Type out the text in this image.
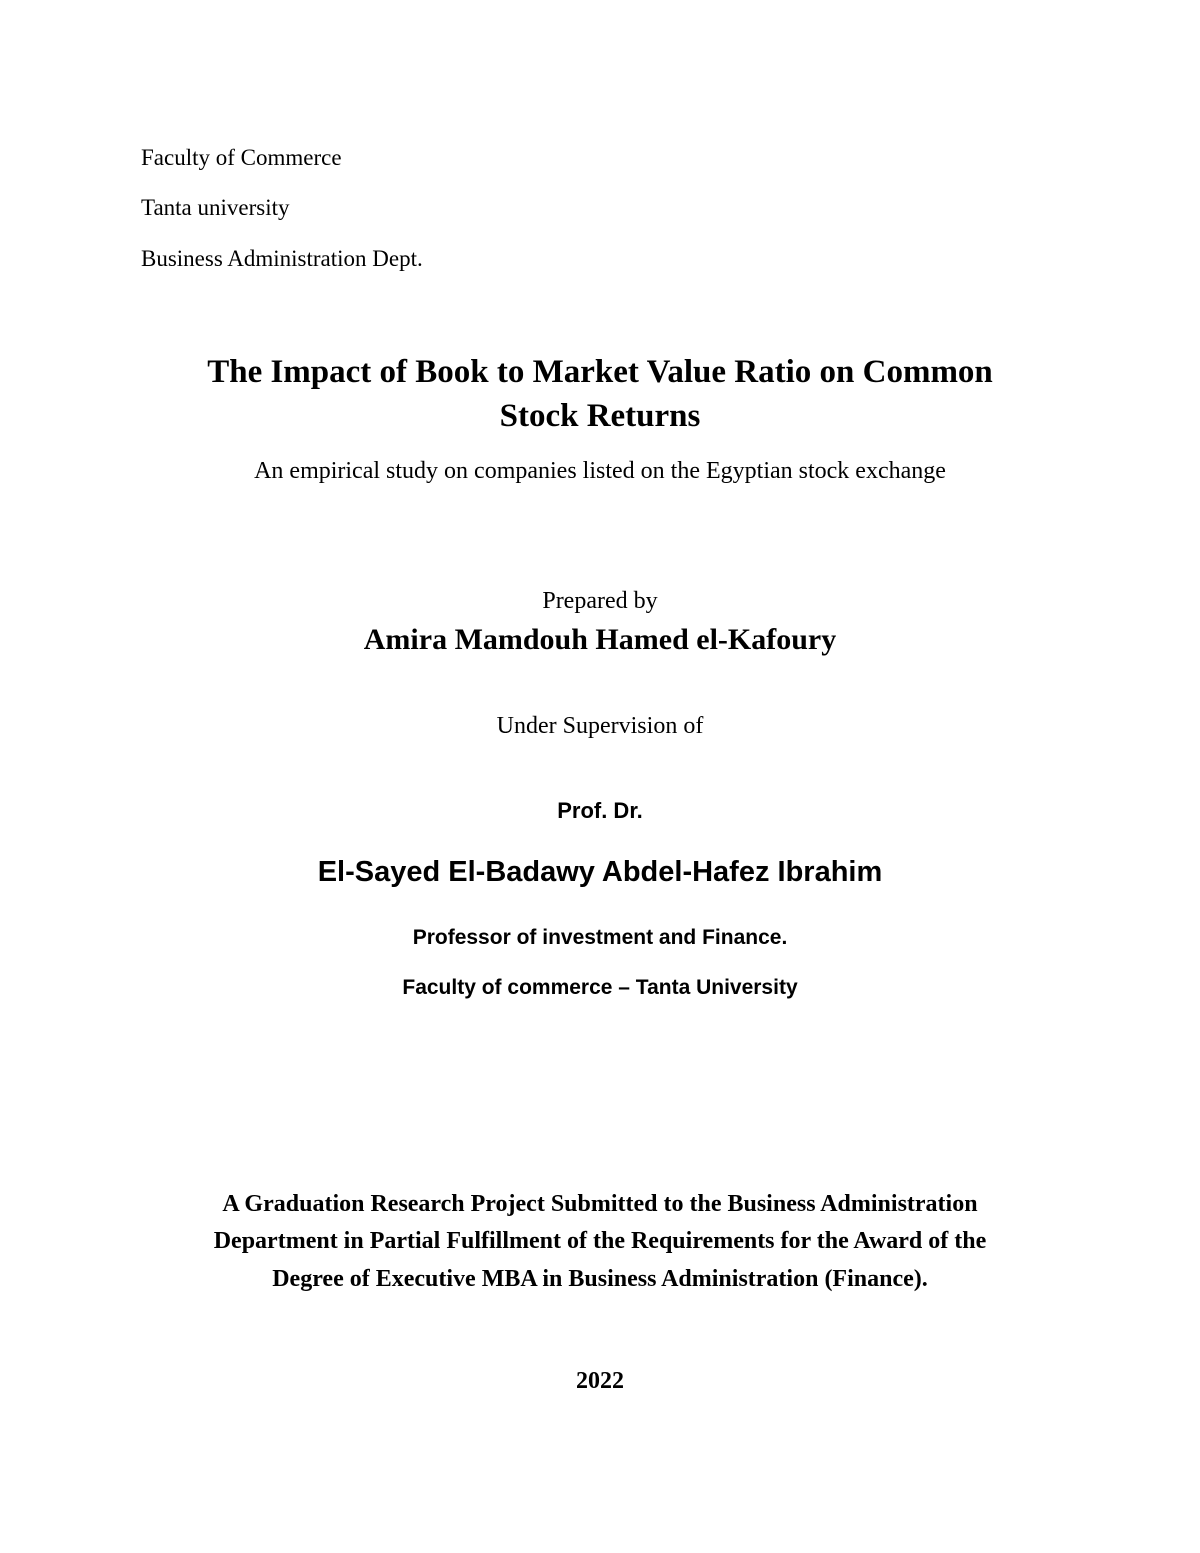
Faculty of Commerce
Tanta university
Business Administration Dept.
The Impact of Book to Market Value Ratio on Common
Stock Returns
An empirical study on companies listed on the Egyptian stock exchange
Prepared by
Amira Mamdouh Hamed el-Kafoury
Under Supervision of
Prof. Dr.
El-Sayed El-Badawy Abdel-Hafez Ibrahim
Professor of investment and Finance.
Faculty of commerce – Tanta University
A Graduation Research Project Submitted to the Business Administration
Department in Partial Fulfillment of the Requirements for the Award of the
Degree of Executive MBA in Business Administration (Finance).
2022
